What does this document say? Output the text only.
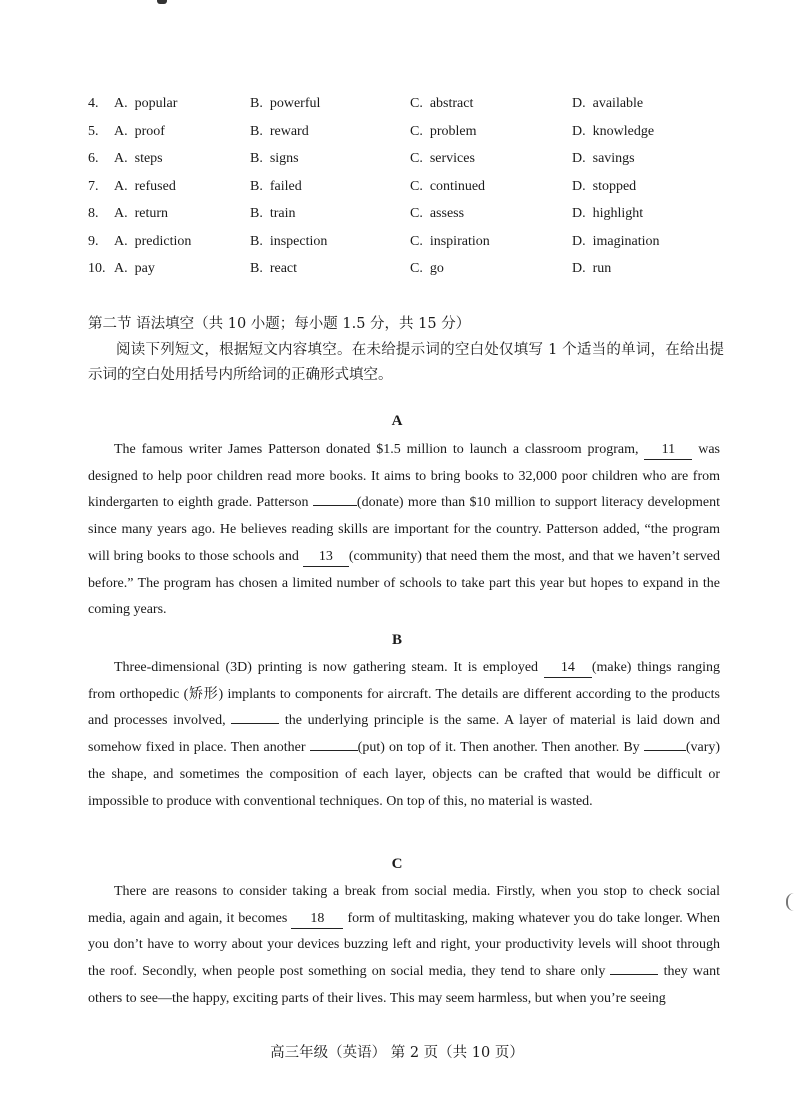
4. A. popular	B. powerful	C. abstract	D. available
5. A. proof	B. reward	C. problem	D. knowledge
6. A. steps	B. signs	C. services	D. savings
7. A. refused	B. failed	C. continued	D. stopped
8. A. return	B. train	C. assess	D. highlight
9. A. prediction	B. inspection	C. inspiration	D. imagination
10. A. pay	B. react	C. go	D. run
第二节 语法填空（共 10 小题；每小题 1.5 分，共 15 分）
阅读下列短文，根据短文内容填空。在未给提示词的空白处仅填写 1 个适当的单词，在给出提示词的空白处用括号内所给词的正确形式填空。
A
The famous writer James Patterson donated $1.5 million to launch a classroom program, 11 was designed to help poor children read more books. It aims to bring books to 32,000 poor children who are from kindergarten to eighth grade. Patterson	(donate) more than $10 million to support literacy development since many years ago. He believes reading skills are important for the country. Patterson added, “the program will bring books to those schools and 13 (community) that need them the most, and that we haven’t served before.” The program has chosen a limited number of schools to take part this year but hopes to expand in the coming years.
B
Three-dimensional (3D) printing is now gathering steam. It is employed 14 (make) things ranging from orthopedic (矫形) implants to components for aircraft. The details are different according to the products and processes involved,	the underlying principle is the same. A layer of material is laid down and somehow fixed in place. Then another	(put) on top of it. Then another. Then another. By	(vary) the shape, and sometimes the composition of each layer, objects can be crafted that would be difficult or impossible to produce with conventional techniques. On top of this, no material is wasted.
C
There are reasons to consider taking a break from social media. Firstly, when you stop to check social media, again and again, it becomes 18 form of multitasking, making whatever you do take longer. When you don’t have to worry about your devices buzzing left and right, your productivity levels will shoot through the roof. Secondly, when people post something on social media, they tend to share only	they want others to see—the happy, exciting parts of their lives. This may seem harmless, but when you’re seeing
高三年级（英语） 第 2 页（共 10 页）
